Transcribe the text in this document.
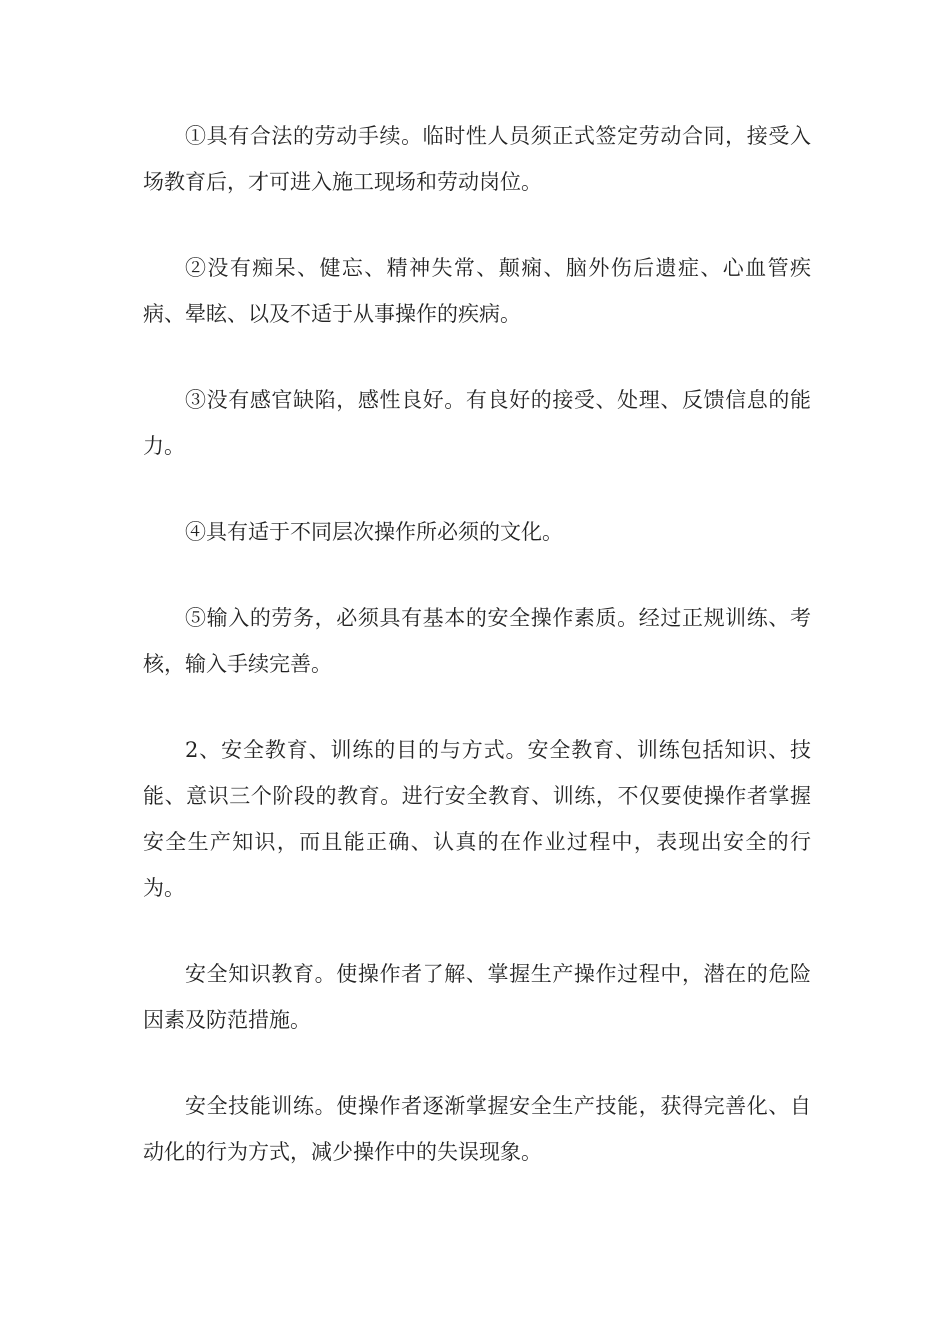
①具有合法的劳动手续。临时性人员须正式签定劳动合同，接受入场教育后，才可进入施工现场和劳动岗位。

②没有痴呆、健忘、精神失常、颠痫、脑外伤后遗症、心血管疾病、晕眩、以及不适于从事操作的疾病。

③没有感官缺陷，感性良好。有良好的接受、处理、反馈信息的能力。

④具有适于不同层次操作所必须的文化。

⑤输入的劳务，必须具有基本的安全操作素质。经过正规训练、考核，输入手续完善。

2、安全教育、训练的目的与方式。安全教育、训练包括知识、技能、意识三个阶段的教育。进行安全教育、训练，不仅要使操作者掌握安全生产知识，而且能正确、认真的在作业过程中，表现出安全的行为。

安全知识教育。使操作者了解、掌握生产操作过程中，潜在的危险因素及防范措施。

安全技能训练。使操作者逐渐掌握安全生产技能，获得完善化、自动化的行为方式，减少操作中的失误现象。
